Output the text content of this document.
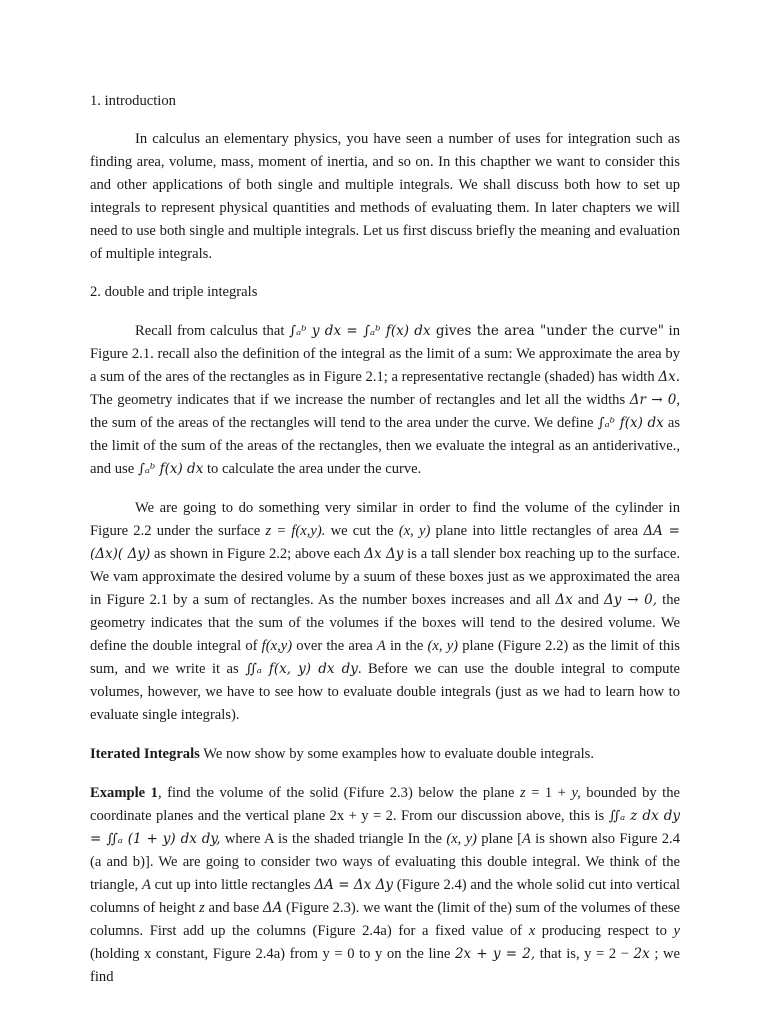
1. introduction

In calculus an elementary physics, you have seen a number of uses for integration such as finding area, volume, mass, moment of inertia, and so on. In this chapther we want to consider this and other applications of both single and multiple integrals. We shall discuss both how to set up integrals to represent physical quantities and methods of evaluating them. In later chapters we will need to use both single and multiple integrals. Let us first discuss briefly the meaning and evaluation of multiple integrals.

2. double and triple integrals

Recall from calculus that ∫ₐᵇ y dx = ∫ₐᵇ f(x) dx gives the area "under the curve" in Figure 2.1. recall also the definition of the integral as the limit of a sum: We approximate the area by a sum of the ares of the rectangles as in Figure 2.1; a representative rectangle (shaded) has width Δx. The geometry indicates that if we increase the number of rectangles and let all the widths Δr → 0, the sum of the areas of the rectangles will tend to the area under the curve. We define ∫ₐᵇ f(x) dx as the limit of the sum of the areas of the rectangles, then we evaluate the integral as an antiderivative., and use ∫ₐᵇ f(x) dx to calculate the area under the curve.

We are going to do something very similar in order to find the volume of the cylinder in Figure 2.2 under the surface z = f(x,y). we cut the (x, y) plane into little rectangles of area ΔA = (Δx)( Δy) as shown in Figure 2.2; above each Δx Δy is a tall slender box reaching up to the surface. We vam approximate the desired volume by a suum of these boxes just as we approximated the area in Figure 2.1 by a sum of rectangles. As the number boxes increases and all Δx and Δy → 0, the geometry indicates that the sum of the volumes if the boxes will tend to the desired volume. We define the double integral of f(x,y) over the area A in the (x, y) plane (Figure 2.2) as the limit of this sum, and we write it as ∬ₐ f(x, y) dx dy. Before we can use the double integral to compute volumes, however, we have to see how to evaluate double integrals (just as we had to learn how to evaluate single integrals).

Iterated Integrals We now show by some examples how to evaluate double integrals.

Example 1, find the volume of the solid (Fifure 2.3) below the plane z = 1 + y, bounded by the coordinate planes and the vertical plane 2x + y = 2. From our discussion above, this is ∬ₐ z dx dy = ∬ₐ (1 + y) dx dy, where A is the shaded triangle In the (x, y) plane [A is shown also Figure 2.4 (a and b)]. We are going to consider two ways of evaluating this double integral. We think of the triangle, A cut up into little rectangles ΔA = Δx Δy (Figure 2.4) and the whole solid cut into vertical columns of height z and base ΔA (Figure 2.3). we want the (limit of the) sum of the volumes of these columns. First add up the columns (Figure 2.4a) for a fixed value of x producing respect to y (holding x constant, Figure 2.4a) from y = 0 to y on the line 2x + y = 2, that is, y = 2 − 2x ; we find
